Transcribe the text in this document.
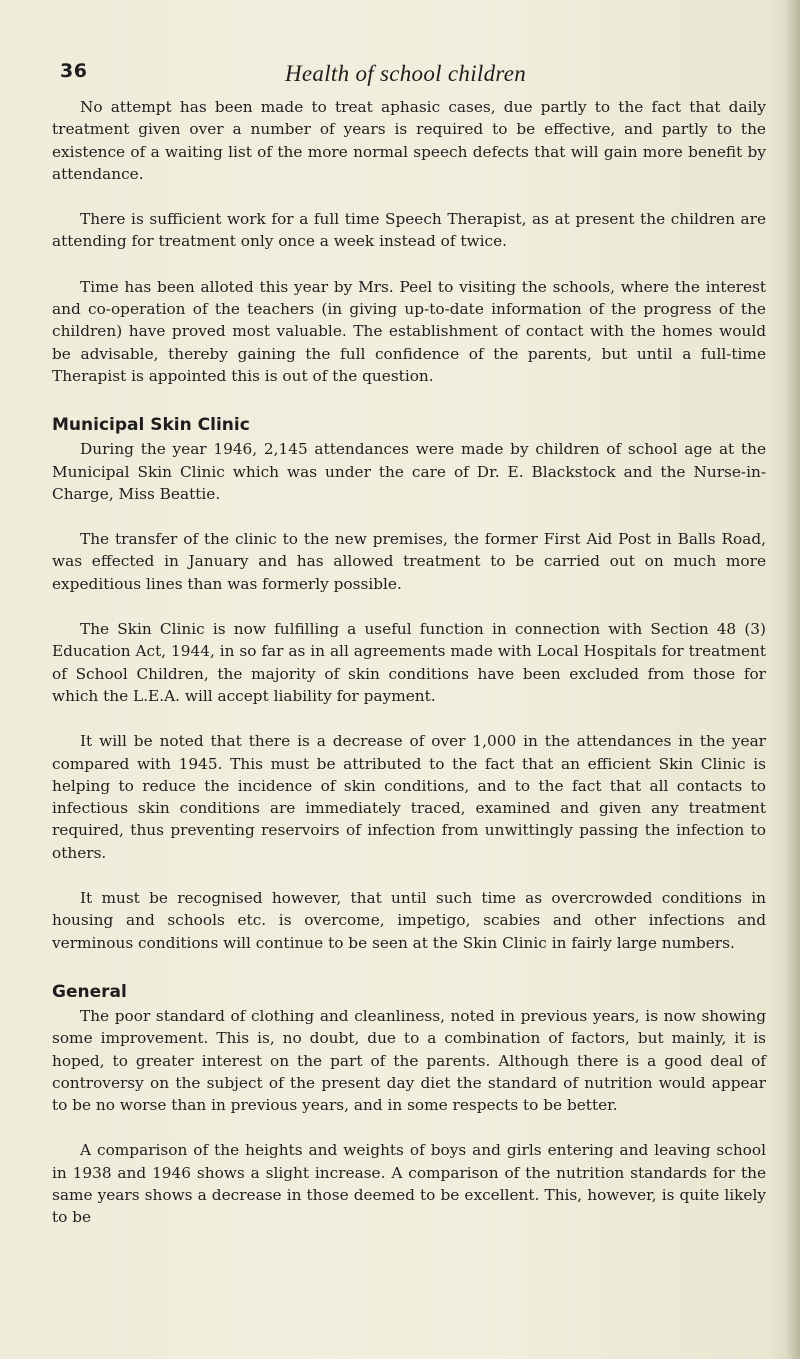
36	Health of school children

No attempt has been made to treat aphasic cases, due partly to the fact that daily treatment given over a number of years is required to be effective, and partly to the existence of a waiting list of the more normal speech defects that will gain more benefit by attendance.

There is sufficient work for a full time Speech Therapist, as at present the children are attending for treatment only once a week instead of twice.

Time has been alloted this year by Mrs. Peel to visiting the schools, where the interest and co-operation of the teachers (in giving up-to-date information of the progress of the children) have proved most valuable. The establishment of contact with the homes would be advisable, thereby gaining the full confidence of the parents, but until a full-time Therapist is appointed this is out of the question.

Municipal Skin Clinic

During the year 1946, 2,145 attendances were made by children of school age at the Municipal Skin Clinic which was under the care of Dr. E. Blackstock and the Nurse-in-Charge, Miss Beattie.

The transfer of the clinic to the new premises, the former First Aid Post in Balls Road, was effected in January and has allowed treatment to be carried out on much more expeditious lines than was formerly possible.

The Skin Clinic is now fulfilling a useful function in connection with Section 48 (3) Education Act, 1944, in so far as in all agreements made with Local Hospitals for treatment of School Children, the majority of skin conditions have been excluded from those for which the L.E.A. will accept liability for payment.

It will be noted that there is a decrease of over 1,000 in the attendances in the year compared with 1945. This must be attributed to the fact that an efficient Skin Clinic is helping to reduce the incidence of skin conditions, and to the fact that all contacts to infectious skin conditions are immediately traced, examined and given any treatment required, thus preventing reservoirs of infection from unwittingly passing the infection to others.

It must be recognised however, that until such time as overcrowded conditions in housing and schools etc. is overcome, impetigo, scabies and other infections and verminous conditions will continue to be seen at the Skin Clinic in fairly large numbers.

General

The poor standard of clothing and cleanliness, noted in previous years, is now showing some improvement. This is, no doubt, due to a combination of factors, but mainly, it is hoped, to greater interest on the part of the parents. Although there is a good deal of controversy on the subject of the present day diet the standard of nutrition would appear to be no worse than in previous years, and in some respects to be better.

A comparison of the heights and weights of boys and girls entering and leaving school in 1938 and 1946 shows a slight increase. A comparison of the nutrition standards for the same years shows a decrease in those deemed to be excellent. This, however, is quite likely to be
